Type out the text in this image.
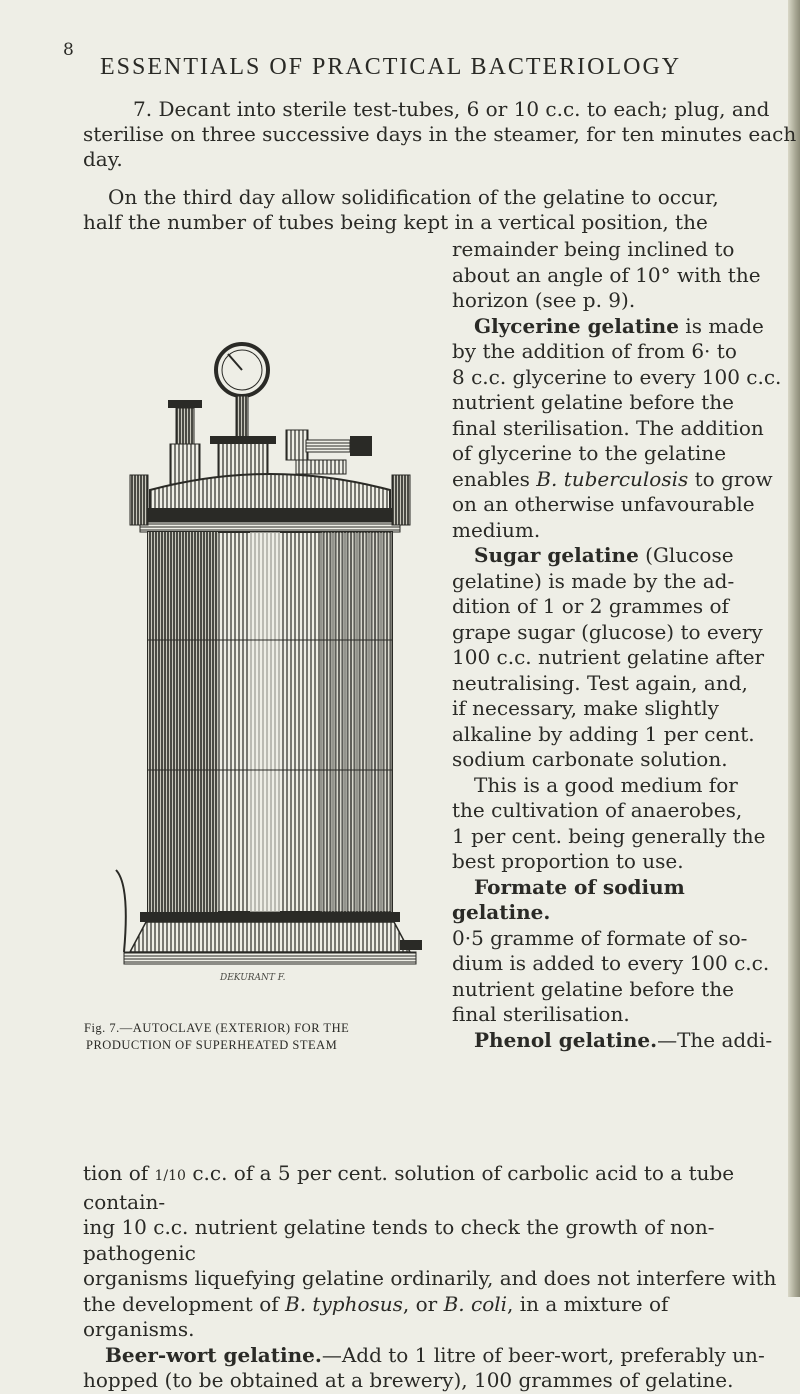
8
ESSENTIALS OF PRACTICAL BACTERIOLOGY
7. Decant into sterile test-tubes, 6 or 10 c.c. to each; plug, and
sterilise on three successive days in the steamer, for ten minutes each
day.
On the third day allow solidification of the gelatine to occur,
half the number of tubes being kept in a vertical position, the
remainder being inclined to
about an angle of 10° with the
horizon (see p. 9).
Glycerine gelatine is made
by the addition of from 6· to
8 c.c. glycerine to every 100 c.c.
nutrient gelatine before the
final sterilisation. The addition
of glycerine to the gelatine
enables B. tuberculosis to grow
on an otherwise unfavourable
medium.
Sugar gelatine (Glucose
gelatine) is made by the ad-
dition of 1 or 2 grammes of
grape sugar (glucose) to every
100 c.c. nutrient gelatine after
neutralising. Test again, and,
if necessary, make slightly
alkaline by adding 1 per cent.
sodium carbonate solution.
This is a good medium for
the cultivation of anaerobes,
1 per cent. being generally the
best proportion to use.
Formate of sodium gelatine.
0·5 gramme of formate of so-
dium is added to every 100 c.c.
nutrient gelatine before the
final sterilisation.
Phenol gelatine.—The addi-
tion of 1/10 c.c. of a 5 per cent. solution of carbolic acid to a tube contain-
ing 10 c.c. nutrient gelatine tends to check the growth of non-pathogenic
organisms liquefying gelatine ordinarily, and does not interfere with
the development of B. typhosus, or B. coli, in a mixture of organisms.
Beer-wort gelatine.—Add to 1 litre of beer-wort, preferably un-
hopped (to be obtained at a brewery), 100 grammes of gelatine.
DEKURANT F.
Fig. 7.—AUTOCLAVE (EXTERIOR) FOR THE
PRODUCTION OF SUPERHEATED STEAM
